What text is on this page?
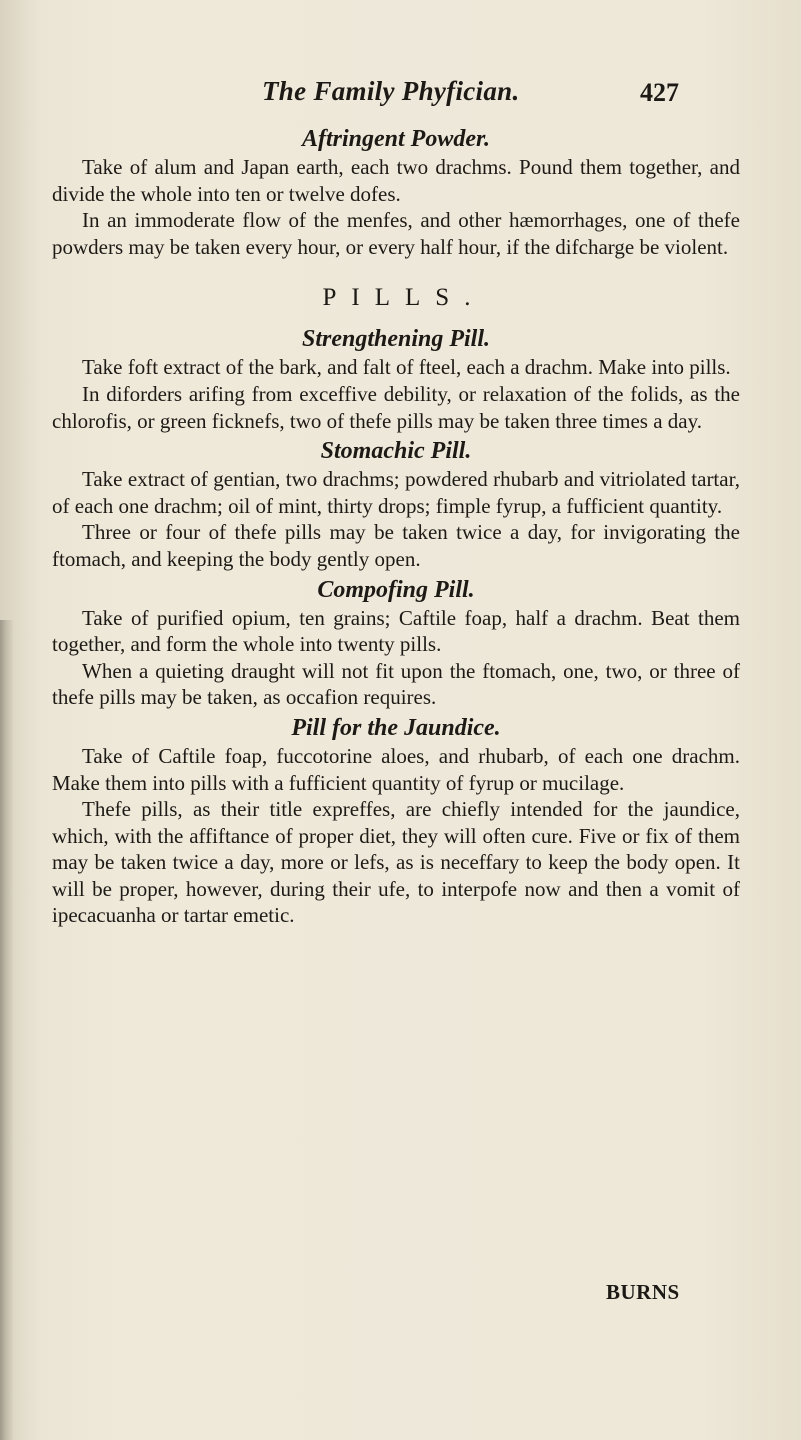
The Family Phyfician.	427
Aftringent Powder.

Take of alum and Japan earth, each two drachms. Pound them together, and divide the whole into ten or twelve dofes.

In an immoderate flow of the menfes, and other hæmorrhages, one of thefe powders may be taken every hour, or every half hour, if the difcharge be violent.

PILLS.
Strengthening Pill.

Take foft extract of the bark, and falt of fteel, each a drachm. Make into pills.

In diforders arifing from exceffive debility, or relaxation of the folids, as the chlorofis, or green ficknefs, two of thefe pills may be taken three times a day.

Stomachic Pill.

Take extract of gentian, two drachms; powdered rhubarb and vitriolated tartar, of each one drachm; oil of mint, thirty drops; fimple fyrup, a fufficient quantity.

Three or four of thefe pills may be taken twice a day, for invigorating the ftomach, and keeping the body gently open.

Compofing Pill.

Take of purified opium, ten grains; Caftile foap, half a drachm. Beat them together, and form the whole into twenty pills.

When a quieting draught will not fit upon the ftomach, one, two, or three of thefe pills may be taken, as occafion requires.

Pill for the Jaundice.

Take of Caftile foap, fuccotorine aloes, and rhubarb, of each one drachm. Make them into pills with a fufficient quantity of fyrup or mucilage.

Thefe pills, as their title expreffes, are chiefly intended for the jaundice, which, with the affiftance of proper diet, they will often cure. Five or fix of them may be taken twice a day, more or lefs, as is neceffary to keep the body open. It will be proper, however, during their ufe, to interpofe now and then a vomit of ipecacuanha or tartar emetic.

BURNS
